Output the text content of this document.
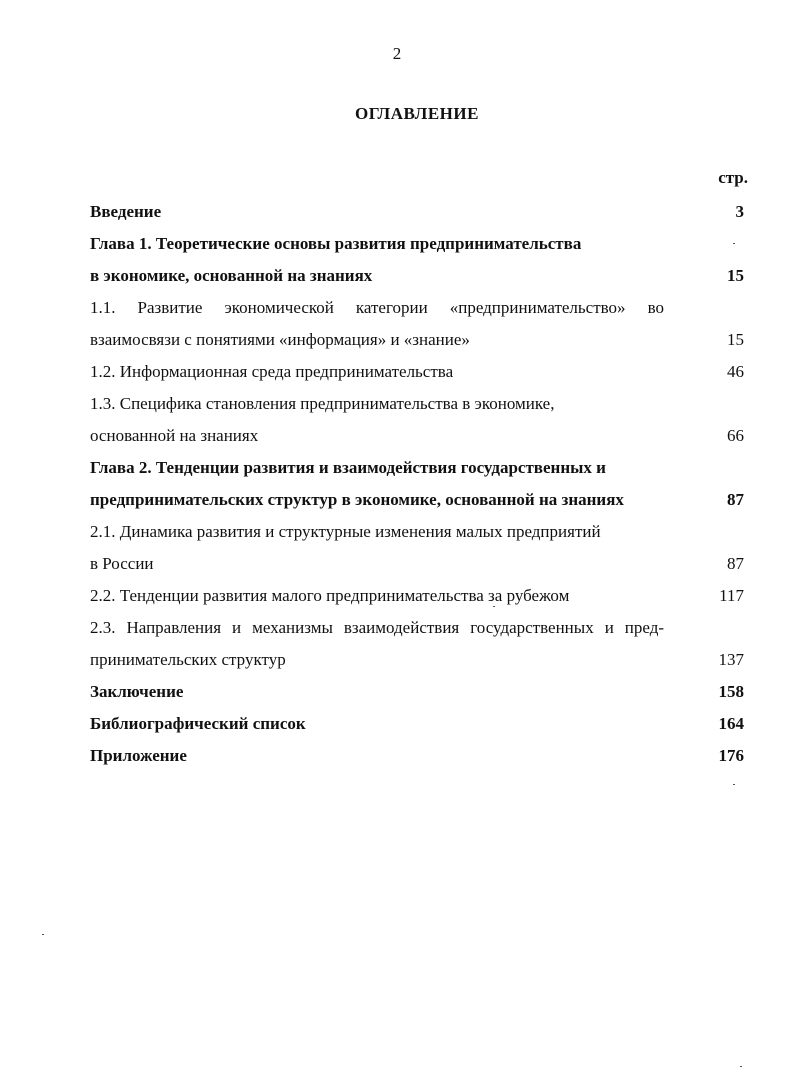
2
ОГЛАВЛЕНИЕ
стр.
Введение	3
Глава 1. Теоретические основы развития предпринимательства
в экономике, основанной на знаниях	15
1.1. Развитие экономической категории «предпринимательство» во
взаимосвязи с понятиями «информация» и «знание»	15
1.2. Информационная среда предпринимательства	46
1.3. Специфика становления предпринимательства в экономике,
основанной на знаниях	66
Глава 2. Тенденции развития и взаимодействия государственных и
предпринимательских структур в экономике, основанной на знаниях	87
2.1. Динамика развития и структурные изменения малых предприятий
в России	87
2.2. Тенденции развития малого предпринимательства за рубежом	117
2.3. Направления и механизмы взаимодействия государственных и пред-
принимательских структур	137
Заключение	158
Библиографический список	164
Приложение	176
